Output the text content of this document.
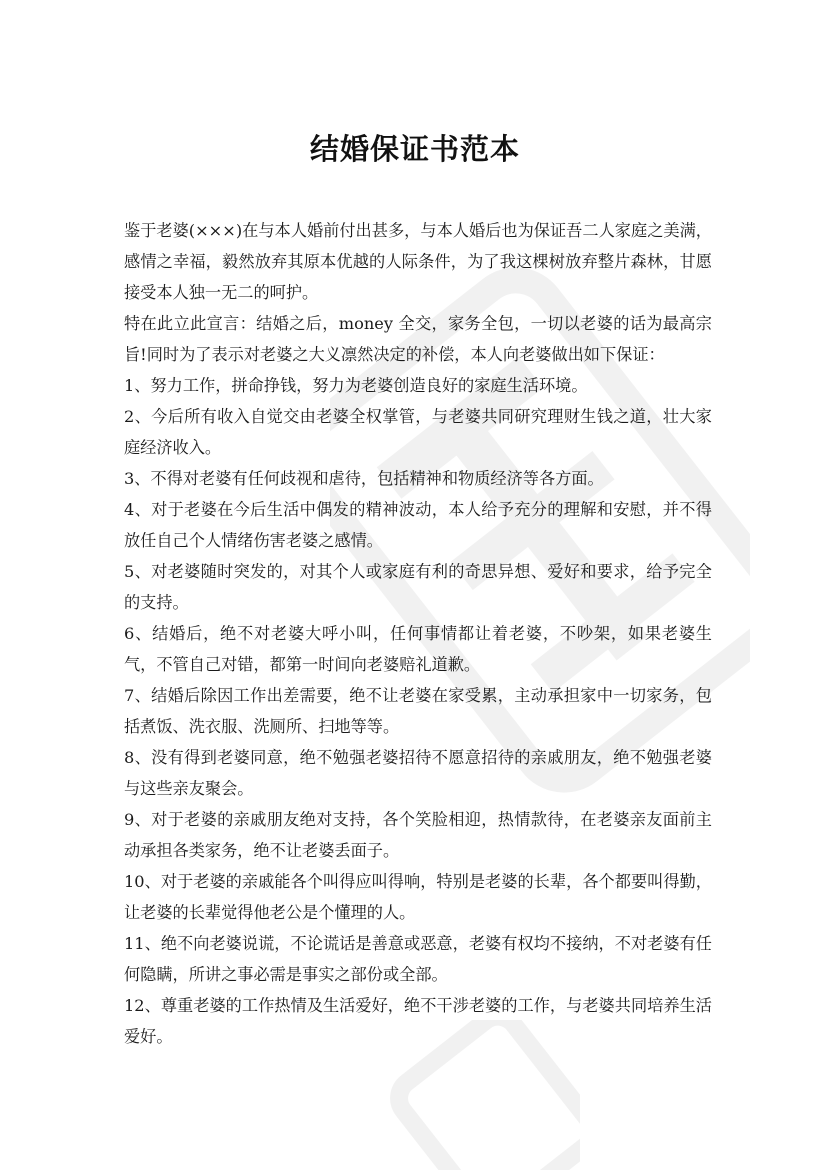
结婚保证书范本

鉴于老婆(×××)在与本人婚前付出甚多，与本人婚后也为保证吾二人家庭之美满，感情之幸福，毅然放弃其原本优越的人际条件，为了我这棵树放弃整片森林，甘愿接受本人独一无二的呵护。

特在此立此宣言：结婚之后，money 全交，家务全包，一切以老婆的话为最高宗旨!同时为了表示对老婆之大义凛然决定的补偿，本人向老婆做出如下保证：

1、努力工作，拼命挣钱，努力为老婆创造良好的家庭生活环境。

2、今后所有收入自觉交由老婆全权掌管，与老婆共同研究理财生钱之道，壮大家庭经济收入。

3、不得对老婆有任何歧视和虐待，包括精神和物质经济等各方面。

4、对于老婆在今后生活中偶发的精神波动，本人给予充分的理解和安慰，并不得放任自己个人情绪伤害老婆之感情。

5、对老婆随时突发的，对其个人或家庭有利的奇思异想、爱好和要求，给予完全的支持。

6、结婚后，绝不对老婆大呼小叫，任何事情都让着老婆，不吵架，如果老婆生气，不管自己对错，都第一时间向老婆赔礼道歉。

7、结婚后除因工作出差需要，绝不让老婆在家受累，主动承担家中一切家务，包括煮饭、洗衣服、洗厕所、扫地等等。

8、没有得到老婆同意，绝不勉强老婆招待不愿意招待的亲戚朋友，绝不勉强老婆与这些亲友聚会。

9、对于老婆的亲戚朋友绝对支持，各个笑脸相迎，热情款待，在老婆亲友面前主动承担各类家务，绝不让老婆丢面子。

10、对于老婆的亲戚能各个叫得应叫得响，特别是老婆的长辈，各个都要叫得勤，让老婆的长辈觉得他老公是个懂理的人。

11、绝不向老婆说谎，不论谎话是善意或恶意，老婆有权均不接纳，不对老婆有任何隐瞒，所讲之事必需是事实之部份或全部。

12、尊重老婆的工作热情及生活爱好，绝不干涉老婆的工作，与老婆共同培养生活爱好。
